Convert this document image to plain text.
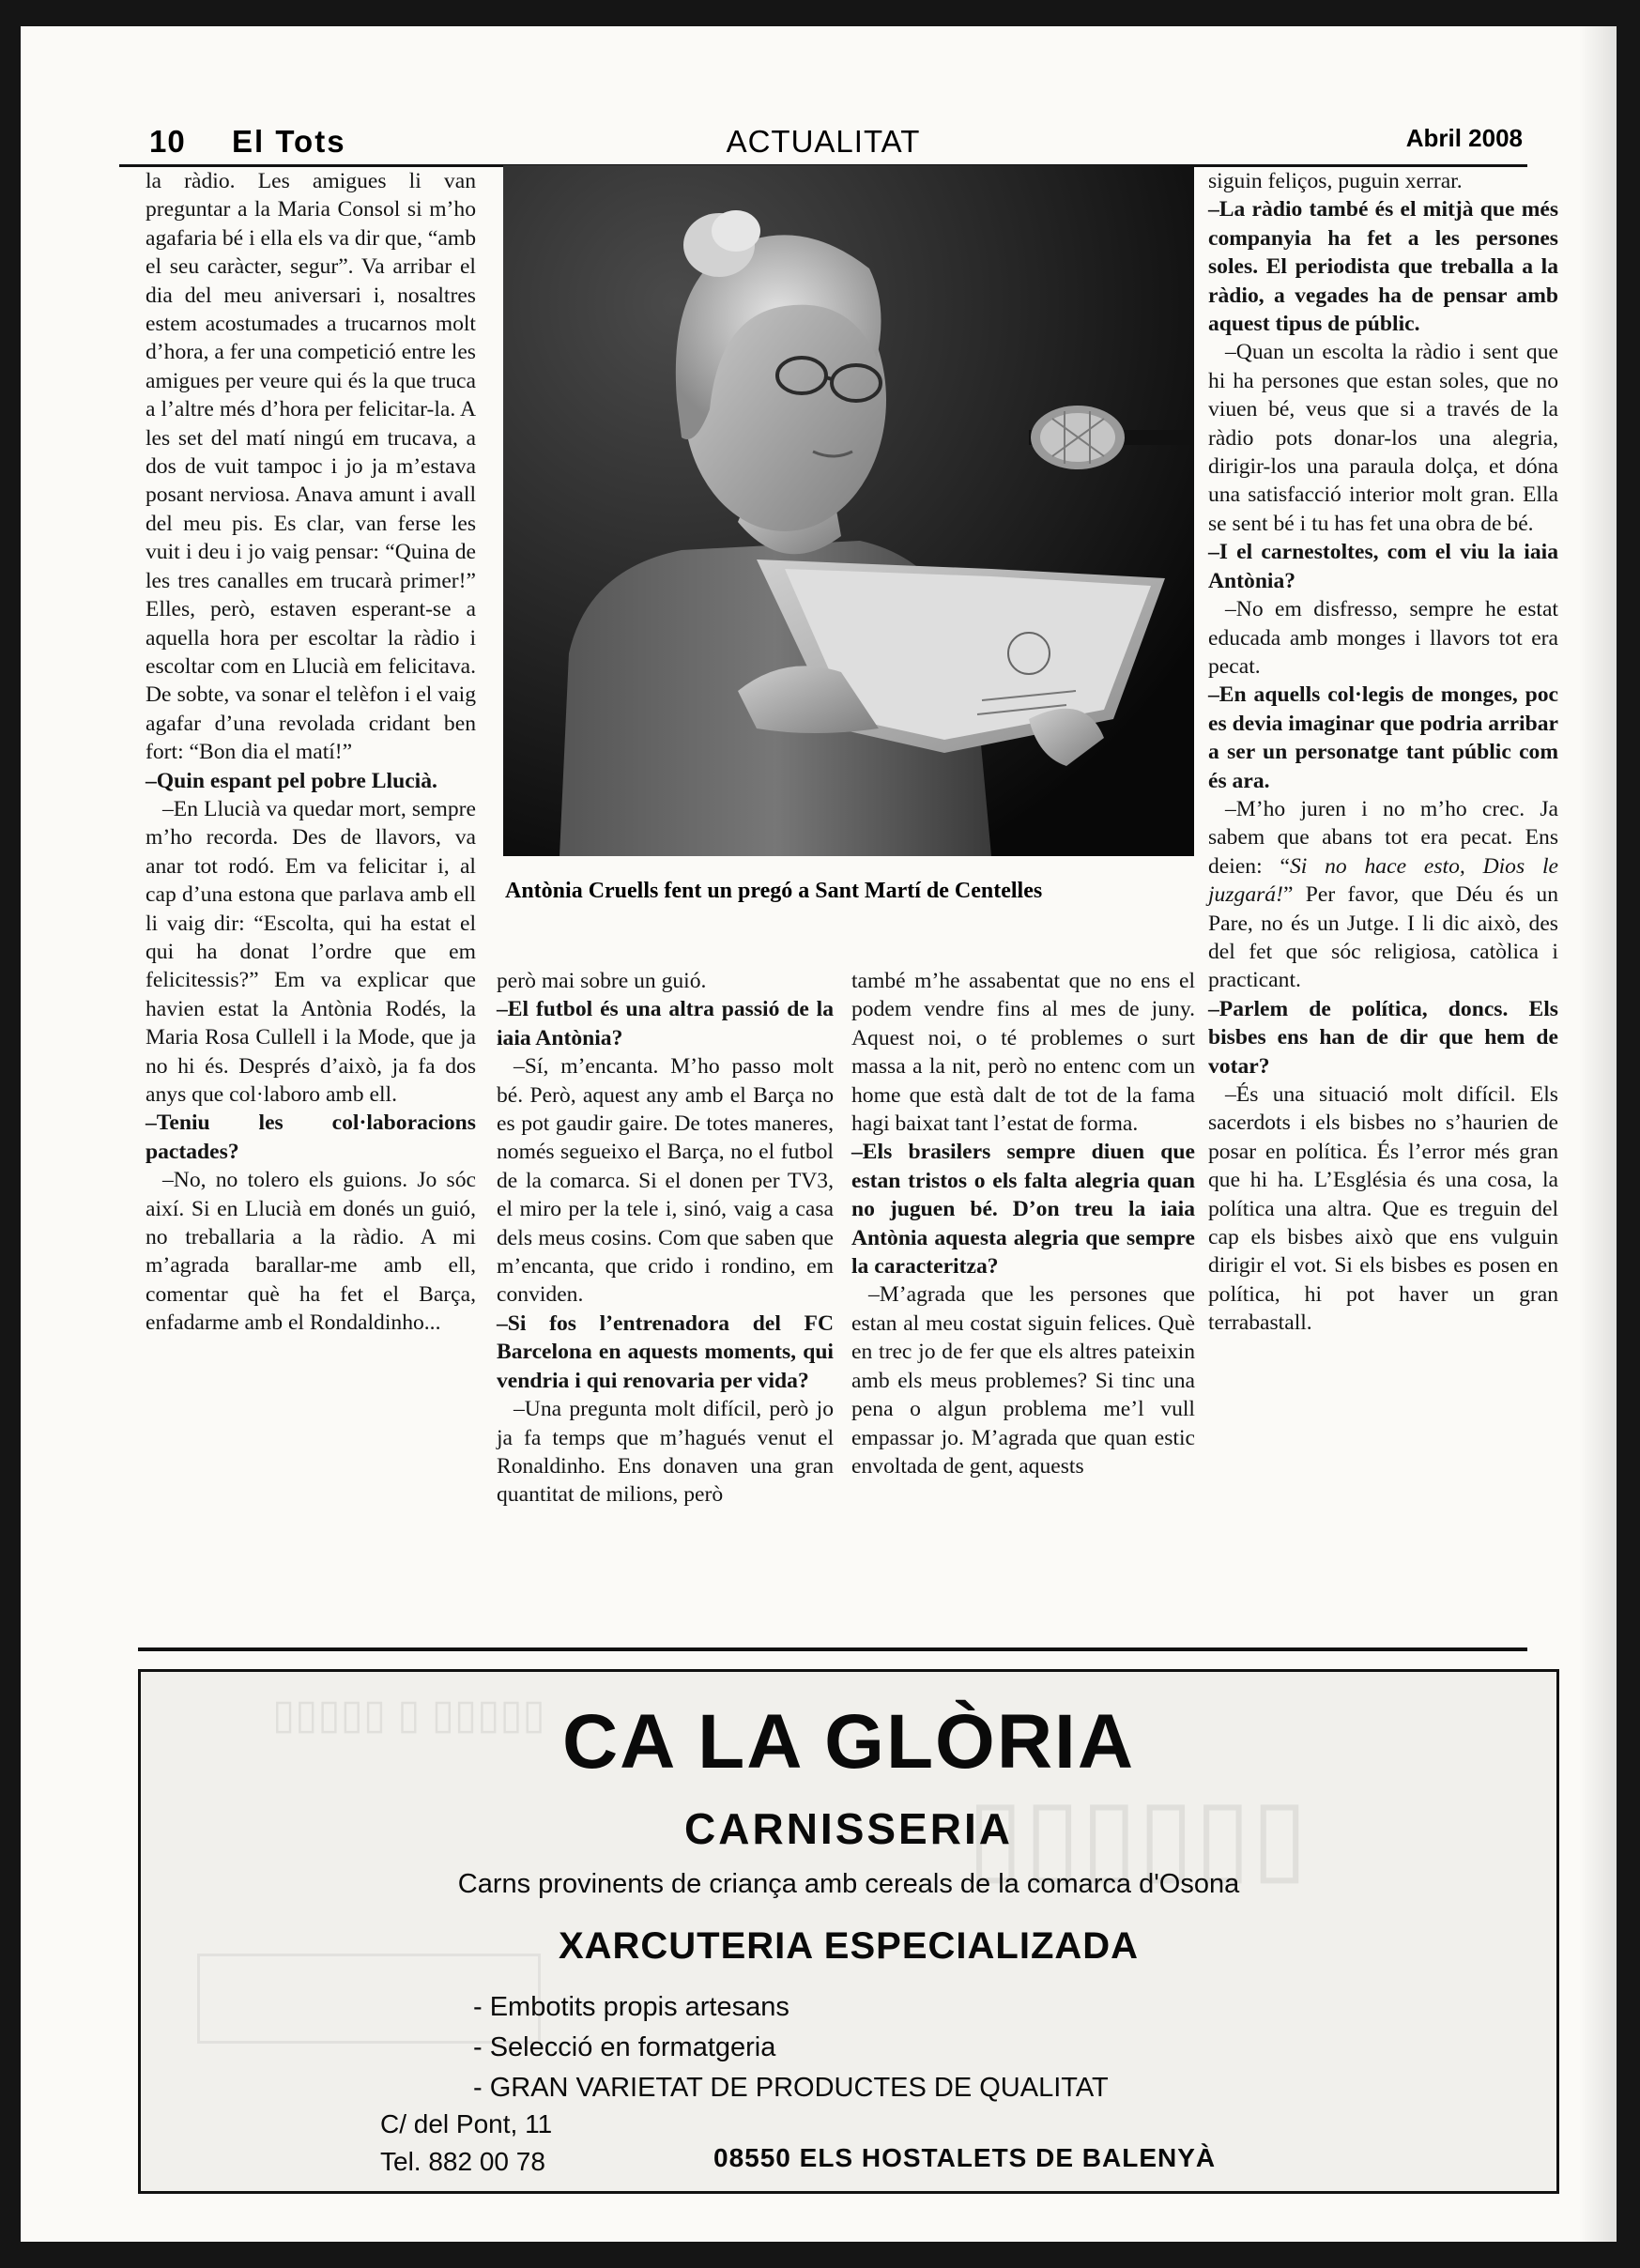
10 El Tots	ACTUALITAT	Abril 2008

la ràdio. Les amigues li van preguntar a la Maria Consol si m’ho agafaria bé i ella els va dir que, “amb el seu caràcter, segur”. Va arribar el dia del meu aniversari i, nosaltres estem acostumades a trucarnos molt d’hora, a fer una competició entre les amigues per veure qui és la que truca a l’altre més d’hora per felicitar-la. A les set del matí ningú em trucava, a dos de vuit tampoc i jo ja m’estava posant nerviosa. Anava amunt i avall del meu pis. Es clar, van ferse les vuit i deu i jo vaig pensar: “Quina de les tres canalles em trucarà primer!” Elles, però, estaven esperant-se a aquella hora per escoltar la ràdio i escoltar com en Llucià em felicitava. De sobte, va sonar el telèfon i el vaig agafar d’una revolada cridant ben fort: “Bon dia el matí!”

–Quin espant pel pobre Llucià.

–En Llucià va quedar mort, sempre m’ho recorda. Des de llavors, va anar tot rodó. Em va felicitar i, al cap d’una estona que parlava amb ell li vaig dir: “Escolta, qui ha estat el qui ha donat l’ordre que em felicitessis?” Em va explicar que havien estat la Antònia Rodés, la Maria Rosa Cullell i la Mode, que ja no hi és. Després d’això, ja fa dos anys que col·laboro amb ell.

–Teniu les col·laboracions pactades?

–No, no tolero els guions. Jo sóc així. Si en Llucià em donés un guió, no treballaria a la ràdio. A mi m’agrada barallar-me amb ell, comentar què ha fet el Barça, enfadarme amb el Rondaldinho...

Antònia Cruells fent un pregó a Sant Martí de Centelles

però mai sobre un guió.

–El futbol és una altra passió de la iaia Antònia?

–Sí, m’encanta. M’ho passo molt bé. Però, aquest any amb el Barça no es pot gaudir gaire. De totes maneres, només segueixo el Barça, no el futbol de la comarca. Si el donen per TV3, el miro per la tele i, sinó, vaig a casa dels meus cosins. Com que saben que m’encanta, que crido i rondino, em conviden.

–Si fos l’entrenadora del FC Barcelona en aquests moments, qui vendria i qui renovaria per vida?

–Una pregunta molt difícil, però jo ja fa temps que m’hagués venut el Ronaldinho. Ens donaven una gran quantitat de milions, però

també m’he assabentat que no ens el podem vendre fins al mes de juny. Aquest noi, o té problemes o surt massa a la nit, però no entenc com un home que està dalt de tot de la fama hagi baixat tant l’estat de forma.

–Els brasilers sempre diuen que estan tristos o els falta alegria quan no juguen bé. D’on treu la iaia Antònia aquesta alegria que sempre la caracteritza?

–M’agrada que les persones que estan al meu costat siguin felices. Què en trec jo de fer que els altres pateixin amb els meus problemes? Si tinc una pena o algun problema me’l vull empassar jo. M’agrada que quan estic envoltada de gent, aquests

siguin feliços, puguin xerrar.

–La ràdio també és el mitjà que més companyia ha fet a les persones soles. El periodista que treballa a la ràdio, a vegades ha de pensar amb aquest tipus de públic.

–Quan un escolta la ràdio i sent que hi ha persones que estan soles, que no viuen bé, veus que si a través de la ràdio pots donar-los una alegria, dirigir-los una paraula dolça, et dóna una satisfacció interior molt gran. Ella se sent bé i tu has fet una obra de bé.

–I el carnestoltes, com el viu la iaia Antònia?

–No em disfresso, sempre he estat educada amb monges i llavors tot era pecat.

–En aquells col·legis de monges, poc es devia imaginar que podria arribar a ser un personatge tant públic com és ara.

–M’ho juren i no m’ho crec. Ja sabem que abans tot era pecat. Ens deien: “Si no hace esto, Dios le juzgará!” Per favor, que Déu és un Pare, no és un Jutge. I li dic això, des del fet que sóc religiosa, catòlica i practicant.

–Parlem de política, doncs. Els bisbes ens han de dir que hem de votar?

–És una situació molt difícil. Els sacerdots i els bisbes no s’haurien de posar en política. És l’error més gran que hi ha. L’Església és una cosa, la política una altra. Que es treguin del cap els bisbes això que ens vulguin dirigir el vot. Si els bisbes es posen en política, hi pot haver un gran terrabastall.

▯▯▯▯▯ ▯ ▯▯▯▯▯
▯▯▯▯▯▯
CA LA GLÒRIA
CARNISSERIA
Carns provinents de criança amb cereals de la comarca d'Osona
XARCUTERIA ESPECIALIZADA
- Embotits propis artesans
- Selecció en formatgeria
- GRAN VARIETAT DE PRODUCTES DE QUALITAT
C/ del Pont, 11
Tel. 882 00 78	08550 ELS HOSTALETS DE BALENYÀ
